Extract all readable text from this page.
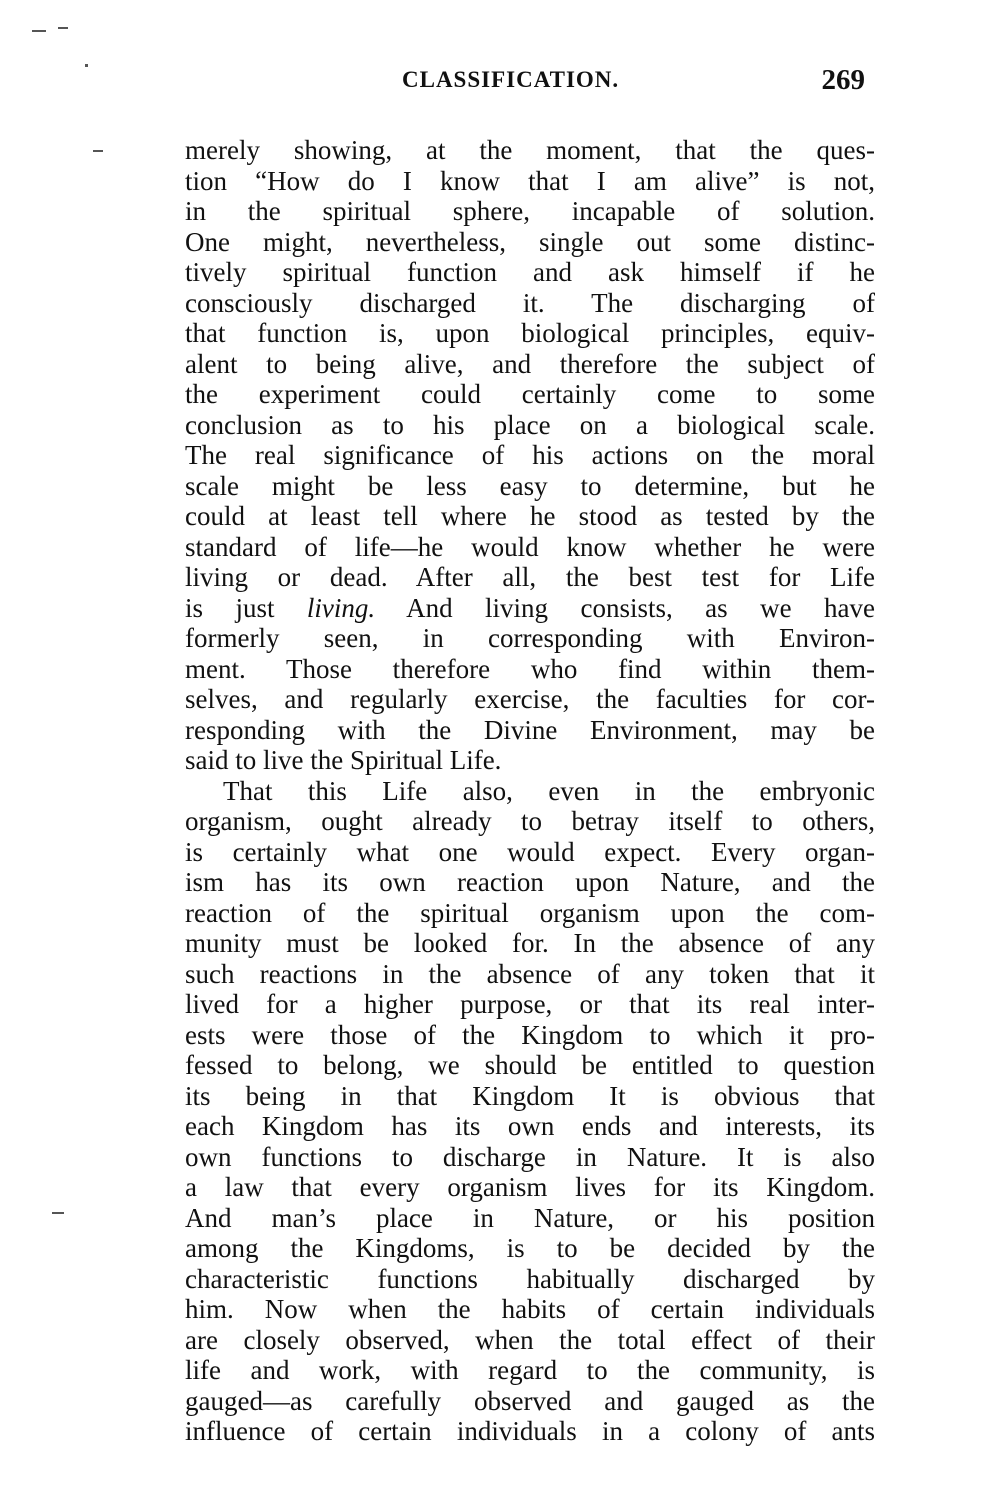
CLASSIFICATION.	269
merely showing, at the moment, that the ques-
tion “How do I know that I am alive” is not,
in the spiritual sphere, incapable of solution.
One might, nevertheless, single out some distinc-
tively spiritual function and ask himself if he
consciously discharged it. The discharging of
that function is, upon biological principles, equiv-
alent to being alive, and therefore the subject of
the experiment could certainly come to some
conclusion as to his place on a biological scale.
The real significance of his actions on the moral
scale might be less easy to determine, but he
could at least tell where he stood as tested by the
standard of life—he would know whether he were
living or dead. After all, the best test for Life
is just living. And living consists, as we have
formerly seen, in corresponding with Environ-
ment. Those therefore who find within them-
selves, and regularly exercise, the faculties for cor-
responding with the Divine Environment, may be
said to live the Spiritual Life.
That this Life also, even in the embryonic
organism, ought already to betray itself to others,
is certainly what one would expect. Every organ-
ism has its own reaction upon Nature, and the
reaction of the spiritual organism upon the com-
munity must be looked for. In the absence of any
such reactions in the absence of any token that it
lived for a higher purpose, or that its real inter-
ests were those of the Kingdom to which it pro-
fessed to belong, we should be entitled to question
its being in that Kingdom It is obvious that
each Kingdom has its own ends and interests, its
own functions to discharge in Nature. It is also
a law that every organism lives for its Kingdom.
And man’s place in Nature, or his position
among the Kingdoms, is to be decided by the
characteristic functions habitually discharged by
him. Now when the habits of certain individuals
are closely observed, when the total effect of their
life and work, with regard to the community, is
gauged—as carefully observed and gauged as the
influence of certain individuals in a colony of ants
